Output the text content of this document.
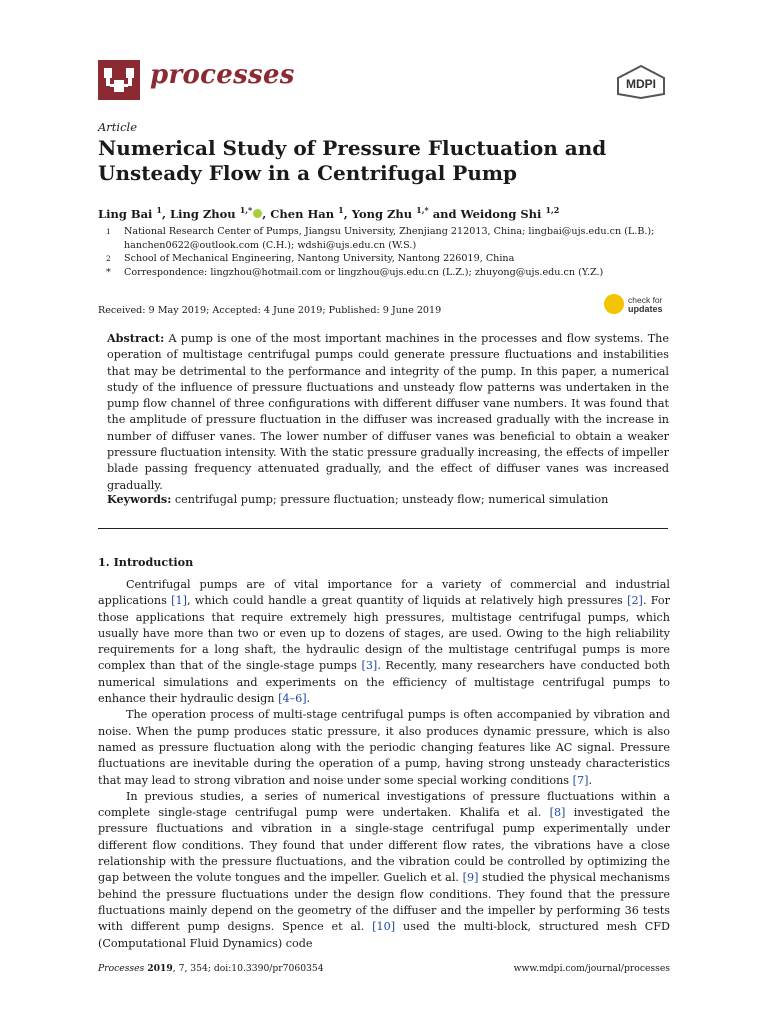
processes	MDPI
Article
Numerical Study of Pressure Fluctuation and
Unsteady Flow in a Centrifugal Pump
Ling Bai $^1$, Ling Zhou $^{1,*}$ , Chen Han $^1$, Yong Zhu $^{1,*}$ and Weidong Shi $^{1,2}$
1 National Research Center of Pumps, Jiangsu University, Zhenjiang 212013, China; lingbai@ujs.edu.cn (L.B.); hanchen0622@outlook.com (C.H.); wdshi@ujs.edu.cn (W.S.)
2 School of Mechanical Engineering, Nantong University, Nantong 226019, China
* Correspondence: lingzhou@hotmail.com or lingzhou@ujs.edu.cn (L.Z.); zhuyong@ujs.edu.cn (Y.Z.)
Received: 9 May 2019; Accepted: 4 June 2019; Published: 9 June 2019
check for
updates
Abstract: A pump is one of the most important machines in the processes and flow systems. The operation of multistage centrifugal pumps could generate pressure fluctuations and instabilities that may be detrimental to the performance and integrity of the pump. In this paper, a numerical study of the influence of pressure fluctuations and unsteady flow patterns was undertaken in the pump flow channel of three configurations with different diffuser vane numbers. It was found that the amplitude of pressure fluctuation in the diffuser was increased gradually with the increase in number of diffuser vanes. The lower number of diffuser vanes was beneficial to obtain a weaker pressure fluctuation intensity. With the static pressure gradually increasing, the effects of impeller blade passing frequency attenuated gradually, and the effect of diffuser vanes was increased gradually.
Keywords: centrifugal pump; pressure fluctuation; unsteady flow; numerical simulation
1. Introduction

Centrifugal pumps are of vital importance for a variety of commercial and industrial applications [1], which could handle a great quantity of liquids at relatively high pressures [2]. For those applications that require extremely high pressures, multistage centrifugal pumps, which usually have more than two or even up to dozens of stages, are used. Owing to the high reliability requirements for a long shaft, the hydraulic design of the multistage centrifugal pumps is more complex than that of the single-stage pumps [3]. Recently, many researchers have conducted both numerical simulations and experiments on the efficiency of multistage centrifugal pumps to enhance their hydraulic design [4–6].

The operation process of multi-stage centrifugal pumps is often accompanied by vibration and noise. When the pump produces static pressure, it also produces dynamic pressure, which is also named as pressure fluctuation along with the periodic changing features like AC signal. Pressure fluctuations are inevitable during the operation of a pump, having strong unsteady characteristics that may lead to strong vibration and noise under some special working conditions [7].

In previous studies, a series of numerical investigations of pressure fluctuations within a complete single-stage centrifugal pump were undertaken. Khalifa et al. [8] investigated the pressure fluctuations and vibration in a single-stage centrifugal pump experimentally under different flow conditions. They found that under different flow rates, the vibrations have a close relationship with the pressure fluctuations, and the vibration could be controlled by optimizing the gap between the volute tongues and the impeller. Guelich et al. [9] studied the physical mechanisms behind the pressure fluctuations under the design flow conditions. They found that the pressure fluctuations mainly depend on the geometry of the diffuser and the impeller by performing 36 tests with different pump designs. Spence et al. [10] used the multi-block, structured mesh CFD (Computational Fluid Dynamics) code

Processes 2019, 7, 354; doi:10.3390/pr7060354	www.mdpi.com/journal/processes
